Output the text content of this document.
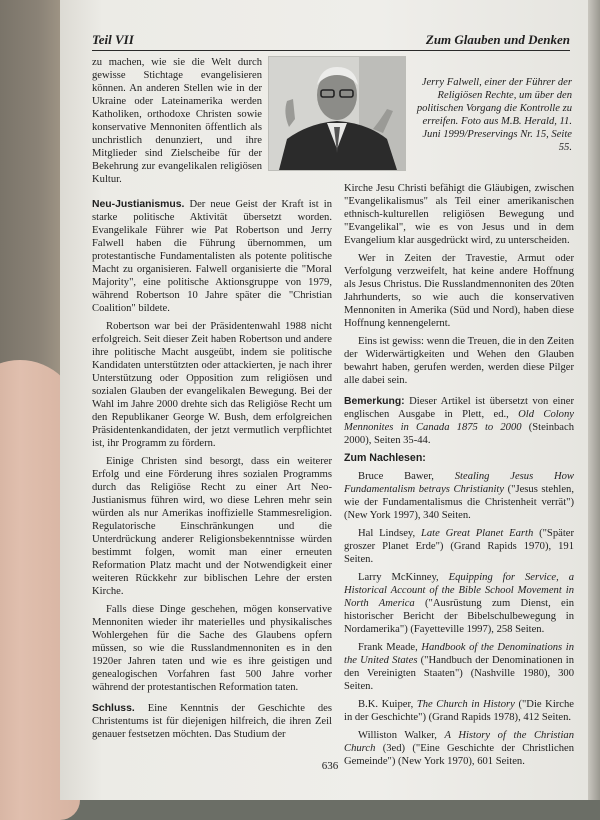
Teil VII	Zum Glauben und Denken

zu machen, wie sie die Welt durch gewisse Stichtage evangelisieren können. An anderen Stellen wie in der Ukraine oder Lateinamerika werden Katholiken, orthodoxe Christen sowie konservative Mennoniten öffentlich als unchristlich denunziert, und ihre Mitglieder sind Zielscheibe für der Bekehrung zur evangelikalen religiösen Kultur.

Jerry Falwell, einer der Führer der Religiösen Rechte, um über den politischen Vorgang die Kontrolle zu erreifen. Foto aus M.B. Herald, 11. Juni 1999/Preservings Nr. 15, Seite 55.

Neu-Justianismus. Der neue Geist der Kraft ist in starke politische Aktivität übersetzt worden. Evangelikale Führer wie Pat Robertson und Jerry Falwell haben die Führung übernommen, um protestantische Fundamentalisten als potente politische Macht zu organisieren. Falwell organisierte die "Moral Majority", eine politische Aktionsgruppe von 1979, während Robertson 10 Jahre später die "Christian Coalition" bildete.

Robertson war bei der Präsidentenwahl 1988 nicht erfolgreich. Seit dieser Zeit haben Robertson und andere ihre politische Macht ausgeübt, indem sie politische Kandidaten unterstützten oder attackierten, je nach ihrer Unterstützung oder Opposition zum religiösen und sozialen Glauben der evangelikalen Bewegung. Bei der Wahl im Jahre 2000 drehte sich das Religiöse Recht um den Republikaner George W. Bush, dem erfolgreichen Präsidentenkandidaten, der jetzt vermutlich verpflichtet ist, ihr Programm zu fördern.

Einige Christen sind besorgt, dass ein weiterer Erfolg und eine Förderung ihres sozialen Programms durch das Religiöse Recht zu einer Art Neo-Justianismus führen wird, wo diese Lehren mehr sein würden als nur Amerikas inoffizielle Stammesreligion. Regulatorische Einschränkungen und die Unterdrückung anderer Religionsbekenntnisse würden bestimmt folgen, womit man einer erneuten Reformation Platz macht und der Notwendigkeit einer weiteren Rückkehr zur biblischen Lehre der ersten Kirche.

Falls diese Dinge geschehen, mögen konservative Mennoniten wieder ihr materielles und physikalisches Wohlergehen für die Sache des Glaubens opfern müssen, so wie die Russlandmennoniten es in den 1920er Jahren taten und wie es ihre geistigen und genealogischen Vorfahren fast 500 Jahre vorher während der protestantischen Reformation taten.

Schluss. Eine Kenntnis der Geschichte des Christentums ist für diejenigen hilfreich, die ihren Zeil genauer festsetzen möchten. Das Studium der

Kirche Jesu Christi befähigt die Gläubigen, zwischen "Evangelikalismus" als Teil einer amerikanischen ethnisch-kulturellen religiösen Bewegung und "Evangelikal", wie es von Jesus und in dem Evangelium klar ausgedrückt wird, zu unterscheiden.

Wer in Zeiten der Travestie, Armut oder Verfolgung verzweifelt, hat keine andere Hoffnung als Jesus Christus. Die Russlandmennoniten des 20ten Jahrhunderts, so wie auch die konservativen Mennoniten in Amerika (Süd und Nord), haben diese Hoffnung kennengelernt.

Eins ist gewiss: wenn die Treuen, die in den Zeiten der Widerwärtigkeiten und Wehen den Glauben bewahrt haben, gerufen werden, werden diese Pilger alle dabei sein.

Bemerkung: Dieser Artikel ist übersetzt von einer englischen Ausgabe in Plett, ed., Old Colony Mennonites in Canada 1875 to 2000 (Steinbach 2000), Seiten 35-44.

Zum Nachlesen:

Bruce Bawer, Stealing Jesus How Fundamentalism betrays Christianity ("Jesus stehlen, wie der Fundamentalismus die Christenheit verrät") (New York 1997), 340 Seiten.

Hal Lindsey, Late Great Planet Earth ("Später groszer Planet Erde") (Grand Rapids 1970), 191 Seiten.

Larry McKinney, Equipping for Service, a Historical Account of the Bible School Movement in North America ("Ausrüstung zum Dienst, ein historischer Bericht der Bibelschulbewegung in Nordamerika") (Fayetteville 1997), 258 Seiten.

Frank Meade, Handbook of the Denominations in the United States ("Handbuch der Denominationen in den Vereinigten Staaten") (Nashville 1980), 300 Seiten.

B.K. Kuiper, The Church in History ("Die Kirche in der Geschichte") (Grand Rapids 1978), 412 Seiten.

Williston Walker, A History of the Christian Church (3ed) ("Eine Geschichte der Christlichen Gemeinde") (New York 1970), 601 Seiten.

636
